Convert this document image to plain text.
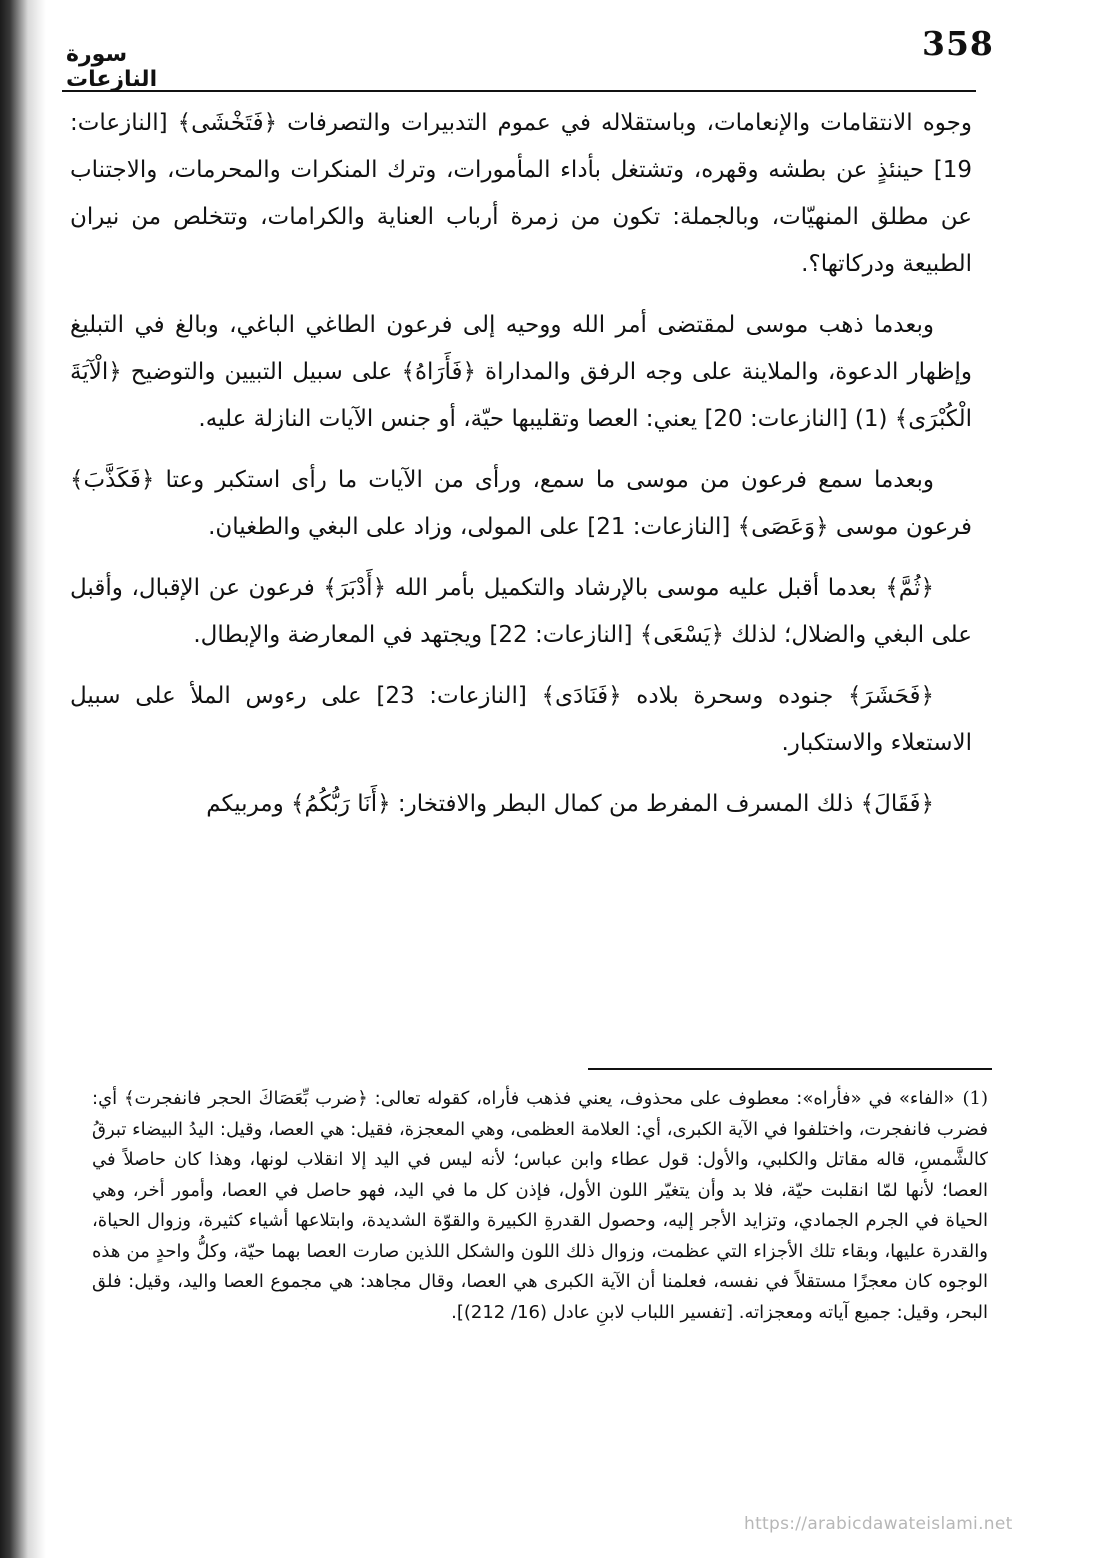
358
سورة النازعات

وجوه الانتقامات والإنعامات، وباستقلاله في عموم التدبيرات والتصرفات ﴿فَتَخْشَى﴾ [النازعات: 19] حينئذٍ عن بطشه وقهره، وتشتغل بأداء المأمورات، وترك المنكرات والمحرمات، والاجتناب عن مطلق المنهيّات، وبالجملة: تكون من زمرة أرباب العناية والكرامات، وتتخلص من نيران الطبيعة ودركاتها؟.

وبعدما ذهب موسى لمقتضى أمر الله ووحيه إلى فرعون الطاغي الباغي، وبالغ في التبليغ وإظهار الدعوة، والملاينة على وجه الرفق والمداراة ﴿فَأَرَاهُ﴾ على سبيل التبيين والتوضيح ﴿الْآيَةَ الْكُبْرَى﴾ (1) [النازعات: 20] يعني: العصا وتقليبها حيّة، أو جنس الآيات النازلة عليه.

وبعدما سمع فرعون من موسى ما سمع، ورأى من الآيات ما رأى استكبر وعتا ﴿فَكَذَّبَ﴾ فرعون موسى ﴿وَعَصَى﴾ [النازعات: 21] على المولى، وزاد على البغي والطغيان.

﴿ثُمَّ﴾ بعدما أقبل عليه موسى بالإرشاد والتكميل بأمر الله ﴿أَدْبَرَ﴾ فرعون عن الإقبال، وأقبل على البغي والضلال؛ لذلك ﴿يَسْعَى﴾ [النازعات: 22] ويجتهد في المعارضة والإبطال.

﴿فَحَشَرَ﴾ جنوده وسحرة بلاده ﴿فَنَادَى﴾ [النازعات: 23] على رءوس الملأ على سبيل الاستعلاء والاستكبار.

﴿فَقَالَ﴾ ذلك المسرف المفرط من كمال البطر والافتخار: ﴿أَنَا رَبُّكُمُ﴾ ومربيكم

(1)«الفاء» في «فأراه»: معطوف على محذوف، يعني فذهب فأراه، كقوله تعالى: ﴿ضرب بِّعَصَاكَ الحجر فانفجرت﴾ أي: فضرب فانفجرت، واختلفوا في الآية الكبرى، أي: العلامة العظمى، وهي المعجزة، فقيل: هي العصا، وقيل: اليدُ البيضاء تبرقُ كالشَّمسِ، قاله مقاتل والكلبي، والأول: قول عطاء وابن عباس؛ لأنه ليس في اليد إلا انقلاب لونها، وهذا كان حاصلاً في العصا؛ لأنها لمّا انقلبت حيّة، فلا بد وأن يتغيّر اللون الأول، فإذن كل ما في اليد، فهو حاصل في العصا، وأمور أخر، وهي الحياة في الجرم الجمادي، وتزايد الأجر إليه، وحصول القدرةِ الكبيرة والقوّة الشديدة، وابتلاعها أشياء كثيرة، وزوال الحياة، والقدرة عليها، وبقاء تلك الأجزاء التي عظمت، وزوال ذلك اللون والشكل اللذين صارت العصا بهما حيّة، وكلُّ واحدٍ من هذه الوجوه كان معجزًا مستقلاً في نفسه، فعلمنا أن الآية الكبرى هي العصا، وقال مجاهد: هي مجموع العصا واليد، وقيل: فلق البحر، وقيل: جميع آياته ومعجزاته. [تفسير اللباب لابنِ عادل (16/ 212)].
https://arabicdawateislami.net
